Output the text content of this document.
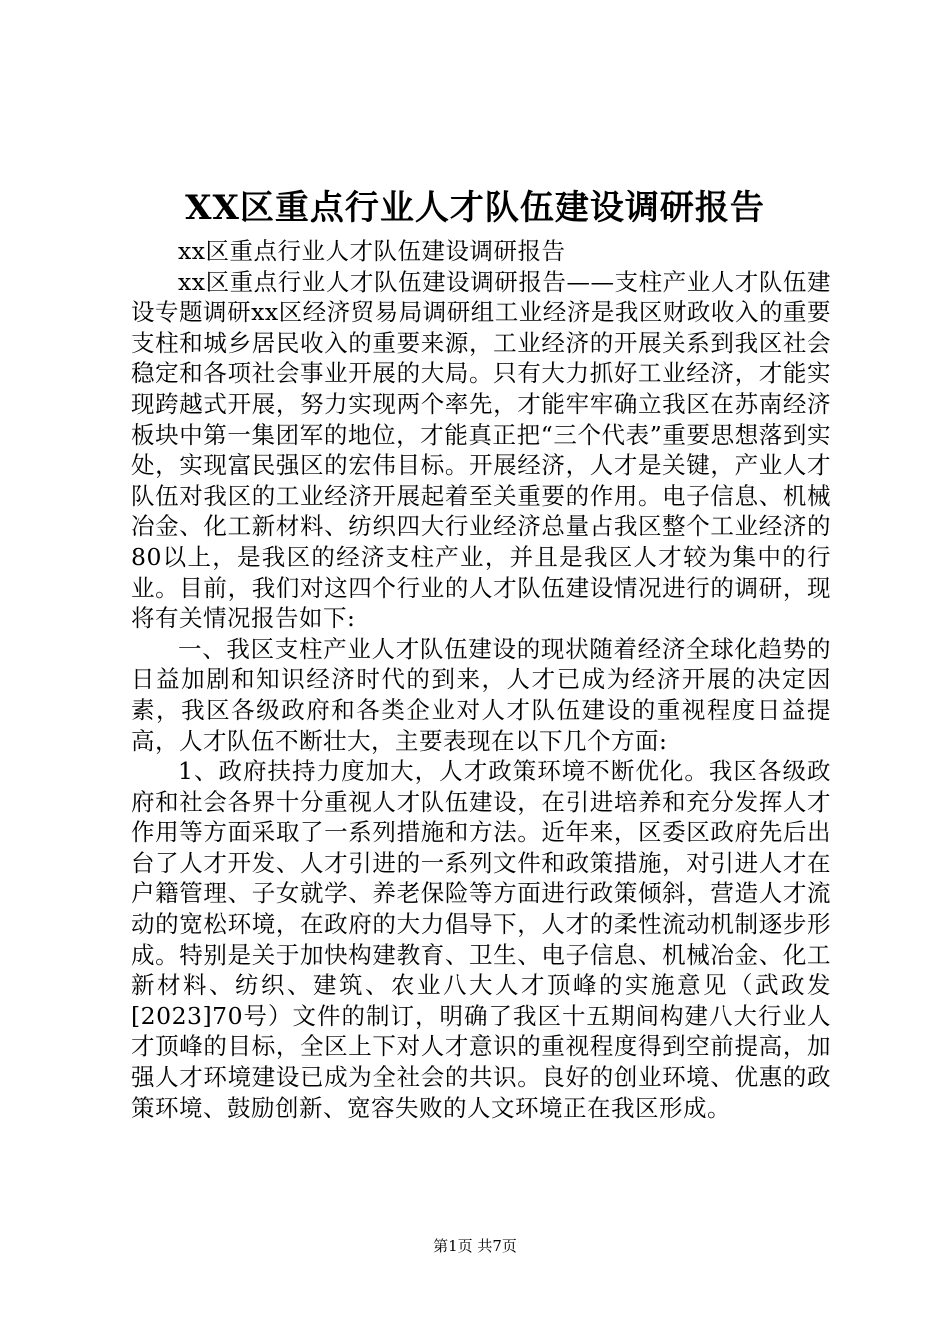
XX区重点行业人才队伍建设调研报告

xx区重点行业人才队伍建设调研报告

xx区重点行业人才队伍建设调研报告——支柱产业人才队伍建设专题调研xx区经济贸易局调研组工业经济是我区财政收入的重要支柱和城乡居民收入的重要来源，工业经济的开展关系到我区社会稳定和各项社会事业开展的大局。只有大力抓好工业经济，才能实现跨越式开展，努力实现两个率先，才能牢牢确立我区在苏南经济板块中第一集团军的地位，才能真正把“三个代表”重要思想落到实处，实现富民强区的宏伟目标。开展经济，人才是关键，产业人才队伍对我区的工业经济开展起着至关重要的作用。电子信息、机械冶金、化工新材料、纺织四大行业经济总量占我区整个工业经济的80以上，是我区的经济支柱产业，并且是我区人才较为集中的行业。目前，我们对这四个行业的人才队伍建设情况进行的调研，现将有关情况报告如下:

一、我区支柱产业人才队伍建设的现状随着经济全球化趋势的日益加剧和知识经济时代的到来，人才已成为经济开展的决定因素，我区各级政府和各类企业对人才队伍建设的重视程度日益提高，人才队伍不断壮大，主要表现在以下几个方面:

1、政府扶持力度加大，人才政策环境不断优化。我区各级政府和社会各界十分重视人才队伍建设，在引进培养和充分发挥人才作用等方面采取了一系列措施和方法。近年来，区委区政府先后出台了人才开发、人才引进的一系列文件和政策措施，对引进人才在户籍管理、子女就学、养老保险等方面进行政策倾斜，营造人才流动的宽松环境，在政府的大力倡导下，人才的柔性流动机制逐步形成。特别是关于加快构建教育、卫生、电子信息、机械冶金、化工新材料、纺织、建筑、农业八大人才顶峰的实施意见（武政发[2023]70号）文件的制订，明确了我区十五期间构建八大行业人才顶峰的目标，全区上下对人才意识的重视程度得到空前提高，加强人才环境建设已成为全社会的共识。良好的创业环境、优惠的政策环境、鼓励创新、宽容失败的人文环境正在我区形成。

第1页 共7页
